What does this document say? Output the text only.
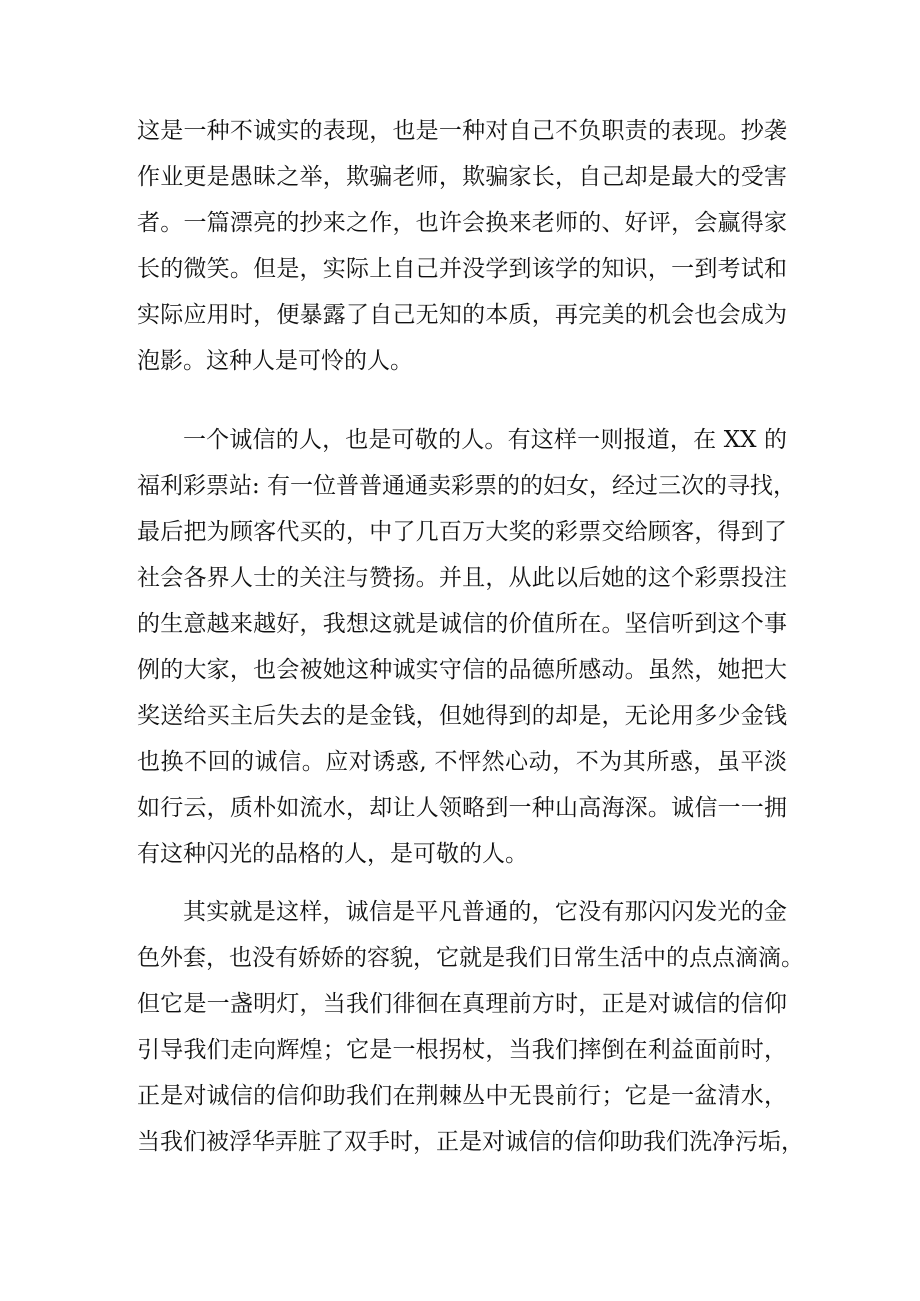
这是一种不诚实的表现，也是一种对自己不负职责的表现。抄袭
作业更是愚昧之举，欺骗老师，欺骗家长，自己却是最大的受害
者。一篇漂亮的抄来之作，也许会换来老师的、好评，会赢得家
长的微笑。但是，实际上自己并没学到该学的知识，一到考试和
实际应用时，便暴露了自己无知的本质，再完美的机会也会成为
泡影。这种人是可怜的人。
一个诚信的人，也是可敬的人。有这样一则报道，在 XX 的
福利彩票站: 有一位普普通通卖彩票的的妇女，经过三次的寻找，
最后把为顾客代买的，中了几百万大奖的彩票交给顾客，得到了
社会各界人士的关注与赞扬。并且，从此以后她的这个彩票投注
的生意越来越好，我想这就是诚信的价值所在。坚信听到这个事
例的大家，也会被她这种诚实守信的品德所感动。虽然，她把大
奖送给买主后失去的是金钱，但她得到的却是，无论用多少金钱
也换不回的诚信。应对诱惑, 不怦然心动，不为其所惑，虽平淡
如行云，质朴如流水，却让人领略到一种山高海深。诚信一一拥
有这种闪光的品格的人，是可敬的人。
其实就是这样，诚信是平凡普通的，它没有那闪闪发光的金
色外套，也没有娇娇的容貌，它就是我们日常生活中的点点滴滴。
但它是一盏明灯，当我们徘徊在真理前方时，正是对诚信的信仰
引导我们走向辉煌；它是一根拐杖，当我们摔倒在利益面前时，
正是对诚信的信仰助我们在荆棘丛中无畏前行；它是一盆清水，
当我们被浮华弄脏了双手时，正是对诚信的信仰助我们洗净污垢，
